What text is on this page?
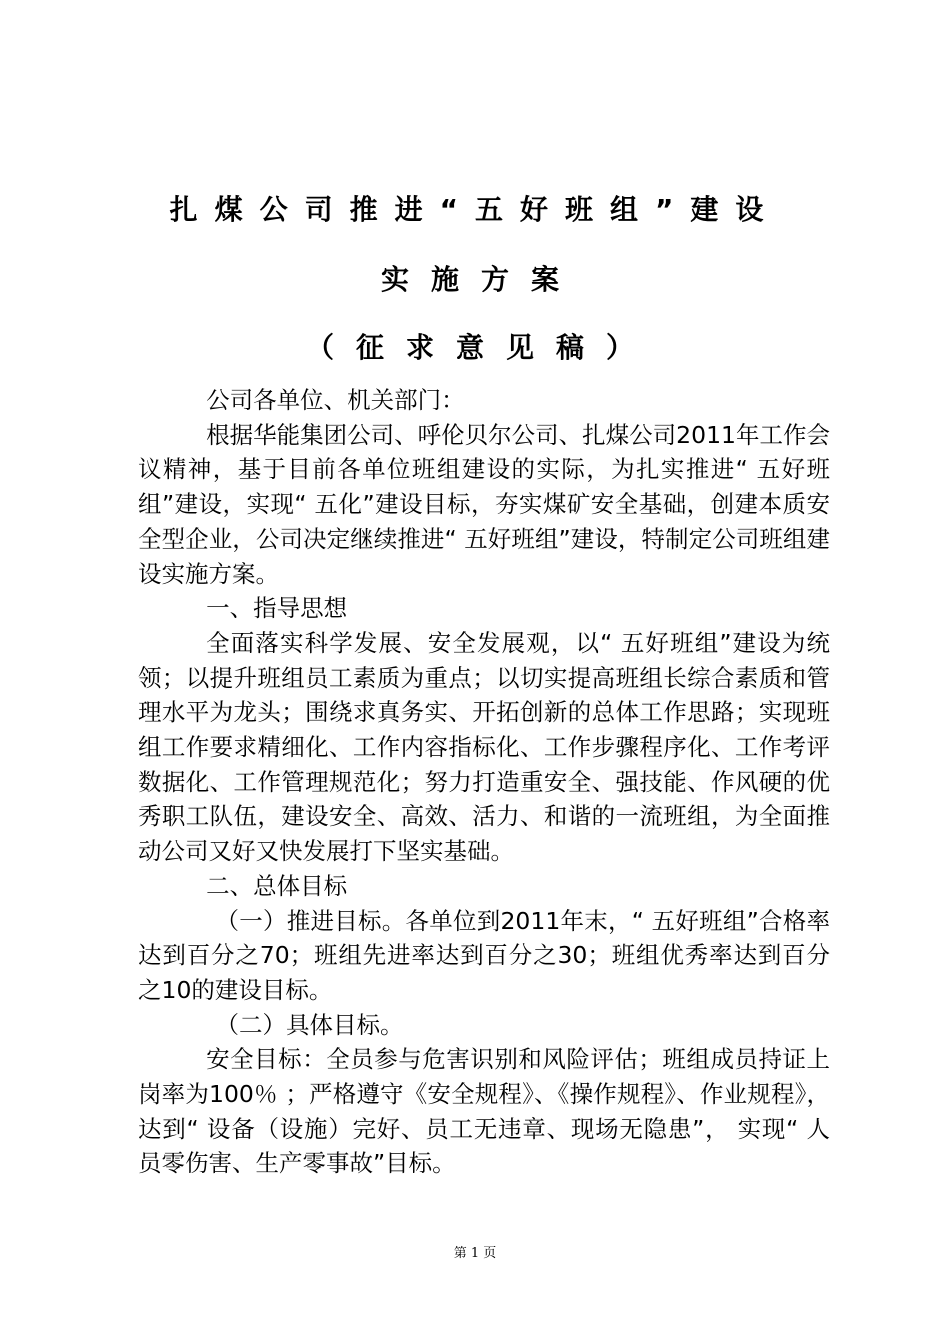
扎煤公司推进“五好班组”建设
实施方案
（征求意见稿）

公司各单位、机关部门：

根据华能集团公司、呼伦贝尔公司、扎煤公司2011年工作会议精神，基于目前各单位班组建设的实际，为扎实推进“ 五好班组”建设，实现“ 五化”建设目标，夯实煤矿安全基础，创建本质安全型企业，公司决定继续推进“ 五好班组”建设，特制定公司班组建设实施方案。

一、指导思想

全面落实科学发展、安全发展观，以“ 五好班组”建设为统领；以提升班组员工素质为重点；以切实提高班组长综合素质和管理水平为龙头；围绕求真务实、开拓创新的总体工作思路；实现班组工作要求精细化、工作内容指标化、工作步骤程序化、工作考评数据化、工作管理规范化；努力打造重安全、强技能、作风硬的优秀职工队伍，建设安全、高效、活力、和谐的一流班组，为全面推动公司又好又快发展打下坚实基础。

二、总体目标

（一）推进目标。各单位到2011年末，“ 五好班组”合格率达到百分之70；班组先进率达到百分之30；班组优秀率达到百分之10的建设目标。

（二）具体目标。

安全目标：全员参与危害识别和风险评估；班组成员持证上岗率为100％ ；严格遵守《安全规程》、《操作规程》、作业规程》，达到“ 设备（设施）完好、员工无违章、现场无隐患”， 实现“ 人员零伤害、生产零事故”目标。

第 1 页
